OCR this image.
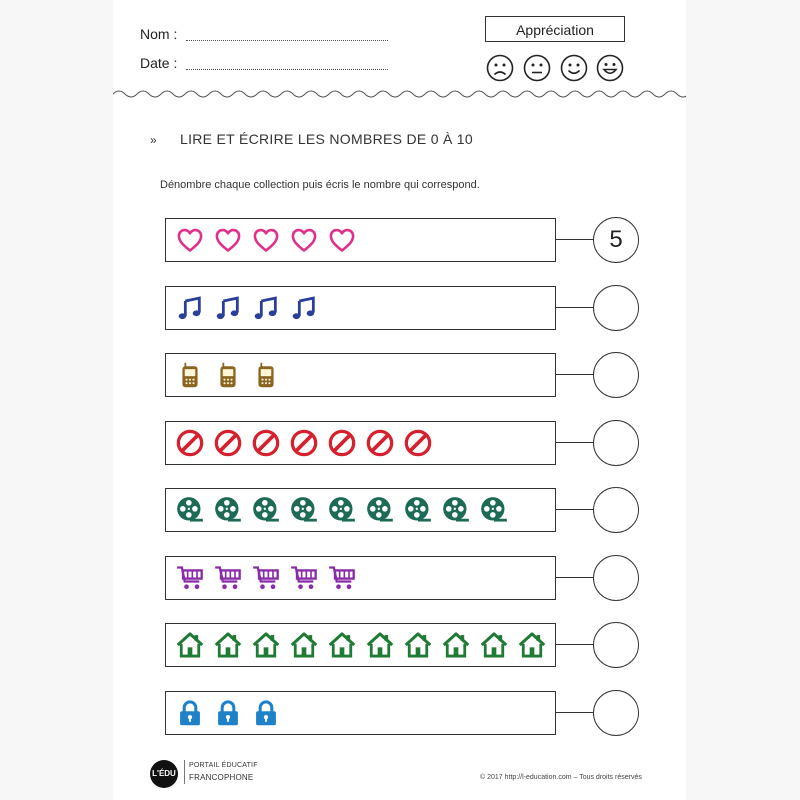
Nom :
Date :
Appréciation
» LIRE ET ÉCRIRE LES NOMBRES DE 0 À 10
Dénombre chaque collection puis écris le nombre qui correspond.
5
L'ÉDU
PORTAIL ÉDUCATIF
FRANCOPHONE	© 2017 http://l-education.com – Tous droits réservés
